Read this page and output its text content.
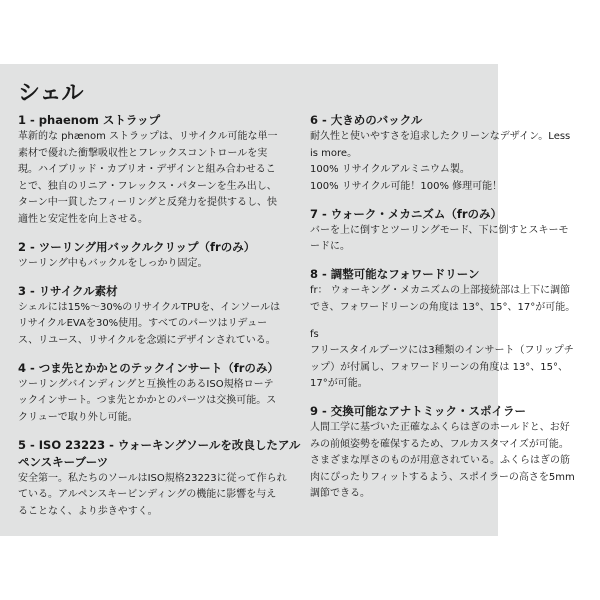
シェル
1 - phaenom ストラップ
革新的な phænom ストラップは、リサイクル可能な単一
素材で優れた衝撃吸収性とフレックスコントロールを実
現。ハイブリッド・カブリオ・デザインと組み合わせるこ
とで、独自のリニア・フレックス・パターンを生み出し、
ターン中一貫したフィーリングと反発力を提供するし、快
適性と安定性を向上させる。
2 - ツーリング用バックルクリップ（frのみ）
ツーリング中もバックルをしっかり固定。
3 - リサイクル素材
シェルには15%～30%のリサイクルTPUを、インソールは
リサイクルEVAを30%使用。すべてのパーツはリデュー
ス、リユース、リサイクルを念頭にデザインされている。
4 - つま先とかかとのテックインサート（frのみ）
ツーリングバインディングと互換性のあるISO規格ローテ
ックインサート。つま先とかかとのパーツは交換可能。ス
クリューで取り外し可能。
5 - ISO 23223 - ウォーキングソールを改良したアル
ペンスキーブーツ
安全第一。私たちのソールはISO規格23223に従って作られ
ている。アルペンスキービンディングの機能に影響を与え
ることなく、より歩きやすく。
6 - 大きめのバックル
耐久性と使いやすさを追求したクリーンなデザイン。Less
is more。
100% リサイクルアルミニウム製。
100% リサイクル可能！100% 修理可能！
7 - ウォーク・メカニズム（frのみ）
バーを上に倒すとツーリングモード、下に倒すとスキーモ
ードに。
8 - 調整可能なフォワードリーン
fr： ウォーキング・メカニズムの上部接続部は上下に調節
でき、フォワードリーンの角度は 13°、15°、17°が可能。
fs
フリースタイルブーツには3種類のインサート（フリップチ
ップ）が付属し、フォワードリーンの角度は 13°、15°、
17°が可能。
9 - 交換可能なアナトミック・スポイラー
人間工学に基づいた正確なふくらはぎのホールドと、お好
みの前傾姿勢を確保するため、フルカスタマイズが可能。
さまざまな厚さのものが用意されている。ふくらはぎの筋
肉にぴったりフィットするよう、スポイラーの高さを5mm
調節できる。
